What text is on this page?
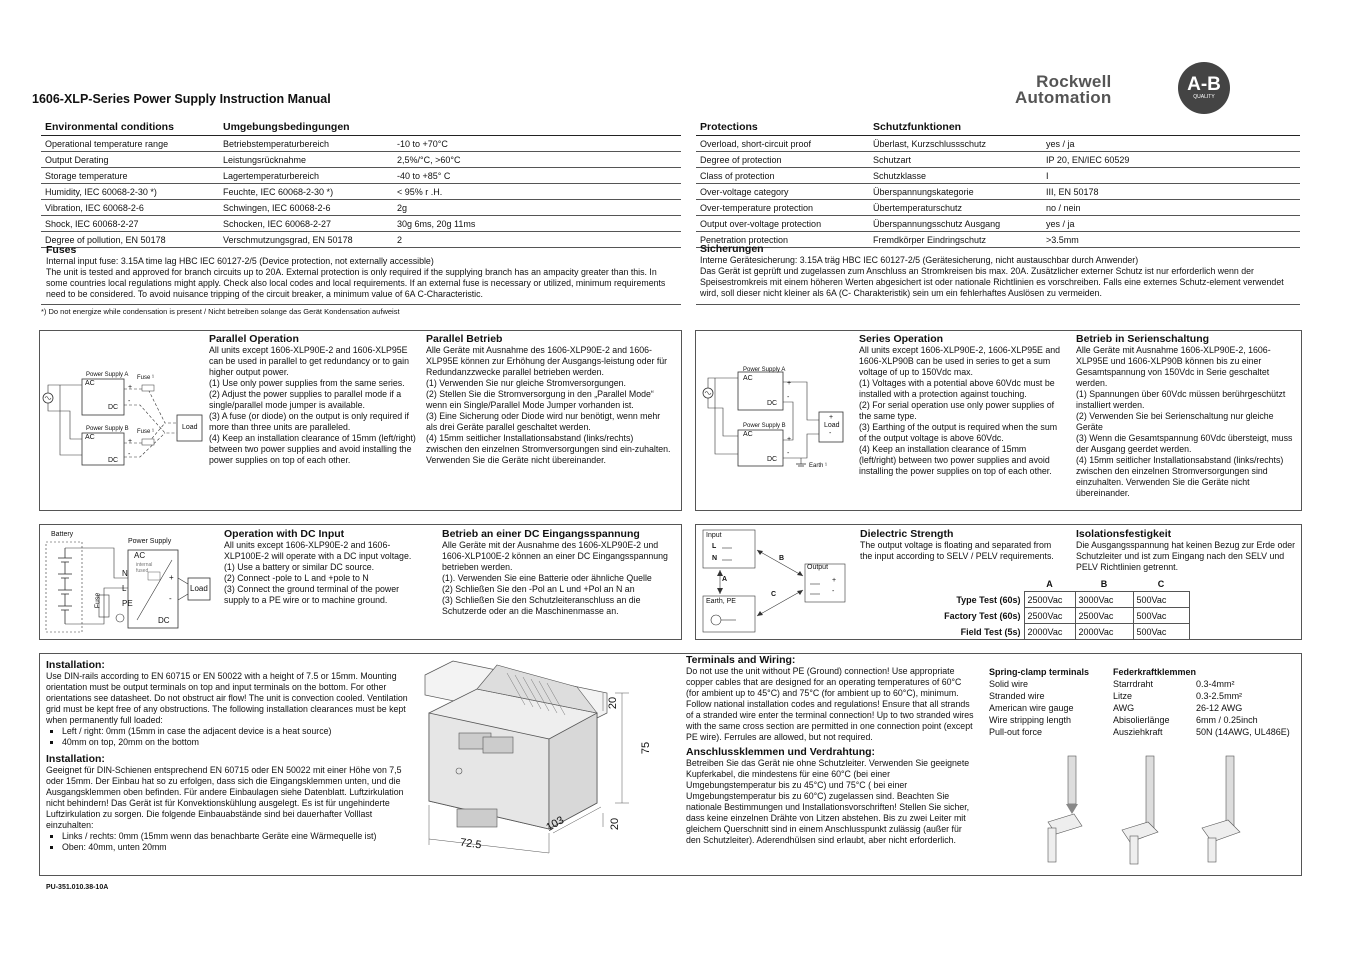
1606-XLP-Series Power Supply Instruction Manual
Rockwell
Automation
A-B
QUALITY
Environmental conditions	Umgebungsbedingungen	
Operational temperature range	Betriebstemperaturbereich	-10 to +70°C
Output Derating	Leistungsrücknahme	2,5%/°C, >60°C
Storage temperature	Lagertemperaturbereich	-40 to +85° C
Humidity, IEC 60068-2-30 *)	Feuchte, IEC 60068-2-30 *)	< 95% r .H.
Vibration, IEC 60068-2-6	Schwingen, IEC 60068-2-6	2g
Shock, IEC 60068-2-27	Schocken, IEC 60068-2-27	30g 6ms, 20g 11ms
Degree of pollution, EN 50178	Verschmutzungsgrad, EN 50178	2
Protections	Schutzfunktionen	
Overload, short-circuit proof	Überlast, Kurzschlussschutz	yes / ja
Degree of protection	Schutzart	IP 20, EN/IEC 60529
Class of protection	Schutzklasse	I
Over-voltage category	Überspannungskategorie	III, EN 50178
Over-temperature protection	Übertemperaturschutz	no / nein
Output over-voltage protection	Überspannungsschutz Ausgang	yes / ja
Penetration protection	Fremdkörper Eindringschutz	>3.5mm
Fuses
Internal input fuse: 3.15A time lag HBC IEC 60127-2/5 (Device protection, not externally accessible)
The unit is tested and approved for branch circuits up to 20A. External protection is only required if the supplying branch has an ampacity greater than this. In some countries local regulations might apply. Check also local codes and local requirements. If an external fuse is necessary or utilized, minimum requirements need to be considered. To avoid nuisance tripping of the circuit breaker, a minimum value of 6A C-Characteristic.
*) Do not energize while condensation is present / Nicht betreiben solange das Gerät Kondensation aufweist
Sicherungen
Interne Gerätesicherung: 3.15A träg HBC IEC 60127-2/5 (Gerätesicherung, nicht austauschbar durch Anwender)
Das Gerät ist geprüft und zugelassen zum Anschluss an Stromkreisen bis max. 20A. Zusätzlicher externer Schutz ist nur erforderlich wenn der Speisestromkreis mit einem höheren Werten abgesichert ist oder nationale Richtlinien es vorschreiben. Falls eine externes Schutz-element verwendet wird, soll dieser nicht kleiner als 6A (C- Charakteristik) sein um ein fehlerhaftes Auslösen zu vermeiden.
Power Supply A
Power Supply B
Fuse ¹
Fuse ¹
AC
DC
AC
DC
Load
+
-
+
-
Parallel Operation
All units except 1606-XLP90E-2 and 1606-XLP95E can be used in parallel to get redundancy or to gain higher output power.
(1) Use only power supplies from the same series.
(2) Adjust the power supplies to parallel mode if a single/parallel mode jumper is available.
(3) A fuse (or diode) on the output is only required if more than three units are paralleled.
(4) Keep an installation clearance of 15mm (left/right) between two power supplies and avoid installing the power supplies on top of each other.
Parallel Betrieb
Alle Geräte mit Ausnahme des 1606-XLP90E-2 and 1606-XLP95E können zur Erhöhung der Ausgangs-leistung oder für Redundanzzwecke parallel betrieben werden.
(1) Verwenden Sie nur gleiche Stromversorgungen.
(2) Stellen Sie die Stromversorgung in den „Parallel Mode“ wenn ein Single/Parallel Mode Jumper vorhanden ist.
(3) Eine Sicherung oder Diode wird nur benötigt, wenn mehr als drei Geräte parallel geschaltet werden.
(4) 15mm seitlicher Installationsabstand (links/rechts) zwischen den einzelnen Stromversorgungen sind ein-zuhalten. Verwenden Sie die Geräte nicht übereinander.
Power Supply A
Power Supply B
Earth ¹
AC
DC
AC
DC
Load
+
-
+
-
+
-
Series Operation
All units except 1606-XLP90E-2, 1606-XLP95E and 1606-XLP90B can be used in series to get a sum voltage of up to 150Vdc max.
(1) Voltages with a potential above 60Vdc must be installed with a protection against touching.
(2) For serial operation use only power supplies of the same type.
(3) Earthing of the output is required when the sum of the output voltage is above 60Vdc.
(4) Keep an installation clearance of 15mm (left/right) between two power supplies and avoid installing the power supplies on top of each other.
Betrieb in Serienschaltung
Alle Geräte mit Ausnahme 1606-XLP90E-2, 1606-XLP95E und 1606-XLP90B können bis zu einer Gesamtspannung von 150Vdc in Serie geschaltet werden.
(1) Spannungen über 60Vdc müssen berührgeschützt installiert werden.
(2) Verwenden Sie bei Serienschaltung nur gleiche Geräte
(3) Wenn die Gesamtspannung 60Vdc übersteigt, muss der Ausgang geerdet werden.
(4) 15mm seitlicher Installationsabstand (links/rechts) zwischen den einzelnen Stromversorgungen sind einzuhalten. Verwenden Sie die Geräte nicht übereinander.
Battery
Power Supply
AC
internal fused
N
L
PE
Fuse
DC
Load
+
-
Operation with DC Input
All units except 1606-XLP90E-2 and 1606-XLP100E-2 will operate with a DC input voltage.
(1) Use a battery or similar DC source.
(2) Connect -pole to L and +pole to N
(3) Connect the ground terminal of the power supply to a PE wire or to machine ground.
Betrieb an einer DC Eingangsspannung
Alle Geräte mit der Ausnahme des 1606-XLP90E-2 und 1606-XLP100E-2 können an einer DC Eingangsspannung betrieben werden.
(1). Verwenden Sie eine Batterie oder ähnliche Quelle
(2) Schließen Sie den -Pol an L und +Pol an N an
(3) Schließen Sie den Schutzleiteranschluss an die Schutzerde oder an die Maschinenmasse an.
Input
L
N
Output
Earth, PE
A
B
C
+
-
Dielectric Strength
The output voltage is floating and separated from the input according to SELV / PELV requirements.
Isolationsfestigkeit
Die Ausgangsspannung hat keinen Bezug zur Erde oder Schutzleiter und ist zum Eingang nach den SELV und PELV Richtlinien getrennt.
	A	B	C
Type Test (60s)	2500Vac	3000Vac	500Vac
Factory Test (60s)	2500Vac	2500Vac	500Vac
Field Test (5s)	2000Vac	2000Vac	500Vac
Installation:
Use DIN-rails according to EN 60715 or EN 50022 with a height of 7.5 or 15mm. Mounting orientation must be output terminals on top and input terminals on the bottom. For other orientations see datasheet. Do not obstruct air flow! The unit is convection cooled. Ventilation grid must be kept free of any obstructions. The following installation clearances must be kept when permanently full loaded:
▪ Left / right: 0mm (15mm in case the adjacent device is a heat source)
▪ 40mm on top, 20mm on the bottom
Installation:
Geeignet für DIN-Schienen entsprechend EN 60715 oder EN 50022 mit einer Höhe von 7,5 oder 15mm. Der Einbau hat so zu erfolgen, dass sich die Eingangsklemmen unten, und die Ausgangsklemmen oben befinden. Für andere Einbaulagen siehe Datenblatt. Luftzirkulation nicht behindern! Das Gerät ist für Konvektionskühlung ausgelegt. Es ist für ungehinderte Luftzirkulation zu sorgen. Die folgende Einbauabstände sind bei dauerhafter Volllast einzuhalten:
▪ Links / rechts: 0mm (15mm wenn das benachbarte Geräte eine Wärmequelle ist)
▪ Oben: 40mm, unten 20mm
20
75
20
103
72.5
Terminals and Wiring:
Do not use the unit without PE (Ground) connection! Use appropriate copper cables that are designed for an operating temperatures of 60°C (for ambient up to 45°C) and 75°C (for ambient up to 60°C), minimum. Follow national installation codes and regulations! Ensure that all strands of a stranded wire enter the terminal connection! Up to two stranded wires with the same cross section are permitted in one connection point (except PE wire). Ferrules are allowed, but not required.
Anschlussklemmen und Verdrahtung:
Betreiben Sie das Gerät nie ohne Schutzleiter. Verwenden Sie geeignete Kupferkabel, die mindestens für eine 60°C (bei einer Umgebungstemperatur bis zu 45°C) und 75°C ( bei einer Umgebungstemperatur bis zu 60°C) zugelassen sind. Beachten Sie nationale Bestimmungen und Installationsvorschriften! Stellen Sie sicher, dass keine einzelnen Drähte von Litzen abstehen. Bis zu zwei Leiter mit gleichem Querschnitt sind in einem Anschlusspunkt zulässig (außer für den Schutzleiter). Aderendhülsen sind erlaubt, aber nicht erforderlich.
Spring-clamp terminals	Federkraftklemmen	
Solid wire	Starrdraht	0.3-4mm²
Stranded wire	Litze	0.3-2.5mm²
American wire gauge	AWG	26-12 AWG
Wire stripping length	Abisolierlänge	6mm / 0.25inch
Pull-out force	Ausziehkraft	50N (14AWG, UL486E)
PU-351.010.38-10A
